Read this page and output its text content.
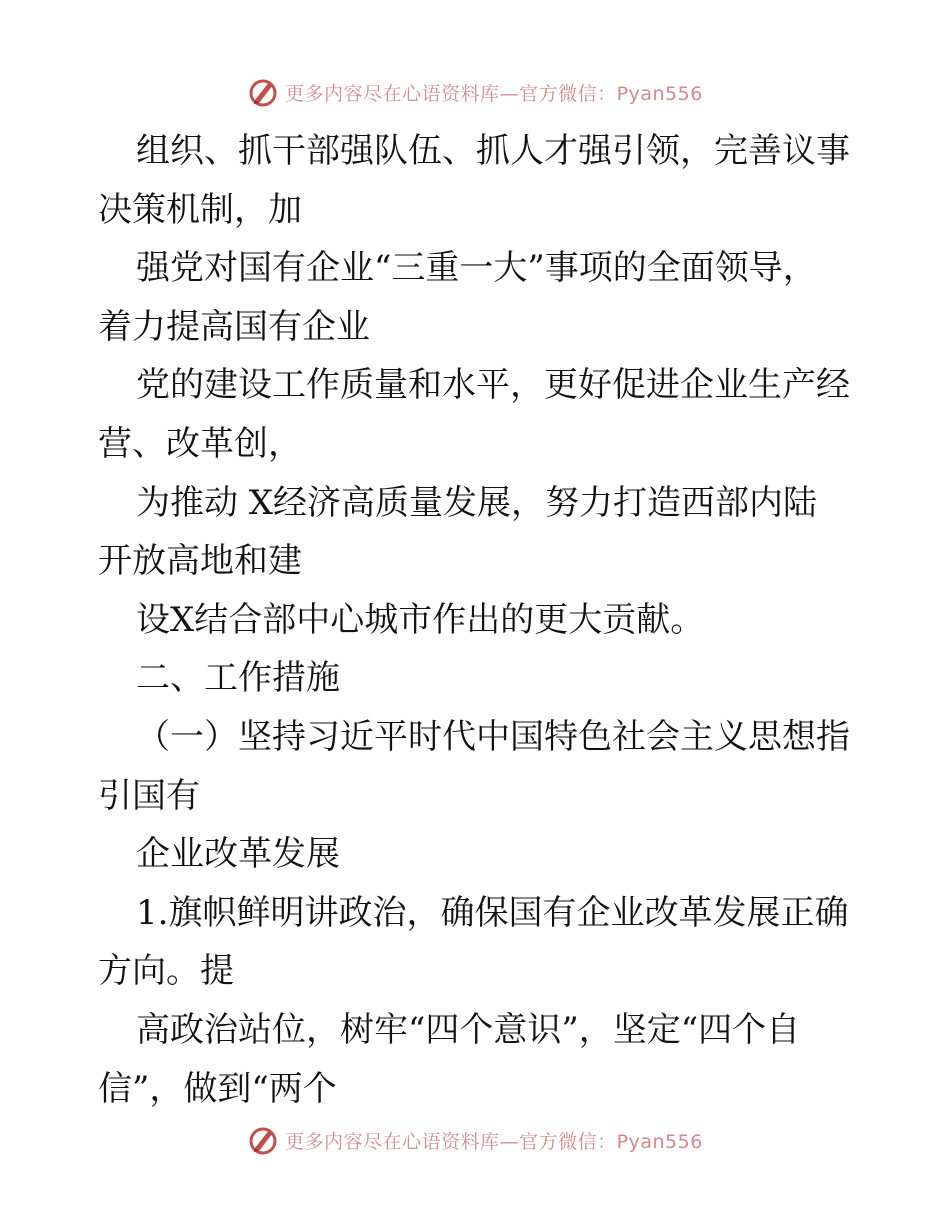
更多内容尽在心语资料库—官方微信：Pyan556
组织、抓干部强队伍、抓人才强引领，完善议事
决策机制，加
强党对国有企业“三重一大”事项的全面领导，
着力提高国有企业
党的建设工作质量和水平，更好促进企业生产经
营、改革创，
为推动 X经济高质量发展，努力打造西部内陆
开放高地和建
设X结合部中心城市作出的更大贡献。
二、工作措施
（一）坚持习近平时代中国特色社会主义思想指
引国有
企业改革发展
1.旗帜鲜明讲政治，确保国有企业改革发展正确
方向。提
高政治站位，树牢“四个意识”，坚定“四个自
信”，做到“两个
更多内容尽在心语资料库—官方微信：Pyan556
